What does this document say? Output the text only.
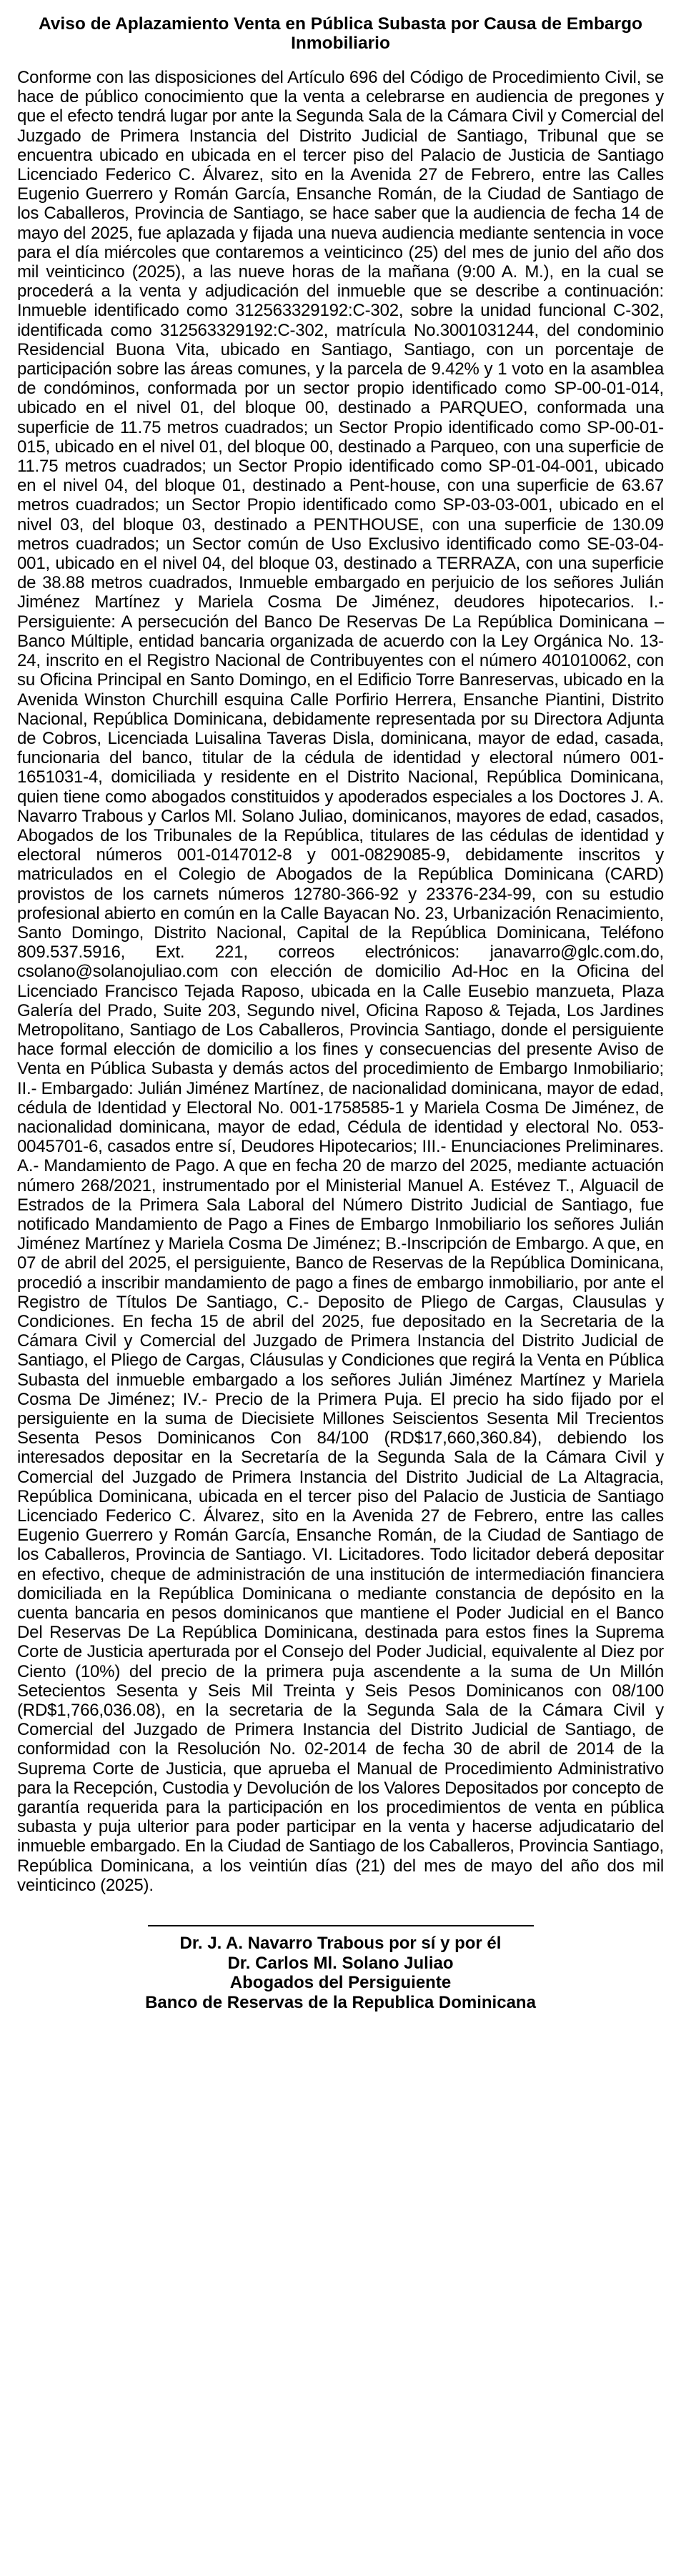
Aviso de Aplazamiento Venta en Pública Subasta por Causa de Embargo Inmobiliario

Conforme con las disposiciones del Artículo 696 del Código de Procedimiento Civil, se hace de público conocimiento que la venta a celebrarse en audiencia de pregones y que el efecto tendrá lugar por ante la Segunda Sala de la Cámara Civil y Comercial del Juzgado de Primera Instancia del Distrito Judicial de Santiago, Tribunal que se encuentra ubicado en ubicada en el tercer piso del Palacio de Justicia de Santiago Licenciado Federico C. Álvarez, sito en la Avenida 27 de Febrero, entre las Calles Eugenio Guerrero y Román García, Ensanche Román, de la Ciudad de Santiago de los Caballeros, Provincia de Santiago, se hace saber que la audiencia de fecha 14 de mayo del 2025, fue aplazada y fijada una nueva audiencia mediante sentencia in voce para el día miércoles que contaremos a veinticinco (25) del mes de junio del año dos mil veinticinco (2025), a las nueve horas de la mañana (9:00 A. M.), en la cual se procederá a la venta y adjudicación del inmueble que se describe a continuación: Inmueble identificado como 312563329192:C-302, sobre la unidad funcional C-302, identificada como 312563329192:C-302, matrícula No.3001031244, del condominio Residencial Buona Vita, ubicado en Santiago, Santiago, con un porcentaje de participación sobre las áreas comunes, y la parcela de 9.42% y 1 voto en la asamblea de condóminos, conformada por un sector propio identificado como SP-00-01-014, ubicado en el nivel 01, del bloque 00, destinado a PARQUEO, conformada una superficie de 11.75 metros cuadrados; un Sector Propio identificado como SP-00-01-015, ubicado en el nivel 01, del bloque 00, destinado a Parqueo, con una superficie de 11.75 metros cuadrados; un Sector Propio identificado como SP-01-04-001, ubicado en el nivel 04, del bloque 01, destinado a Pent-house, con una superficie de 63.67 metros cuadrados; un Sector Propio identificado como SP-03-03-001, ubicado en el nivel 03, del bloque 03, destinado a PENTHOUSE, con una superficie de 130.09 metros cuadrados; un Sector común de Uso Exclusivo identificado como SE-03-04-001, ubicado en el nivel 04, del bloque 03, destinado a TERRAZA, con una superficie de 38.88 metros cuadrados, Inmueble embargado en perjuicio de los señores Julián Jiménez Martínez y Mariela Cosma De Jiménez, deudores hipotecarios. I.- Persiguiente: A persecución del Banco De Reservas De La República Dominicana – Banco Múltiple, entidad bancaria organizada de acuerdo con la Ley Orgánica No. 13-24, inscrito en el Registro Nacional de Contribuyentes con el número 401010062, con su Oficina Principal en Santo Domingo, en el Edificio Torre Banreservas, ubicado en la Avenida Winston Churchill esquina Calle Porfirio Herrera, Ensanche Piantini, Distrito Nacional, República Dominicana, debidamente representada por su Directora Adjunta de Cobros, Licenciada Luisalina Taveras Disla, dominicana, mayor de edad, casada, funcionaria del banco, titular de la cédula de identidad y electoral número 001-1651031-4, domiciliada y residente en el Distrito Nacional, República Dominicana, quien tiene como abogados constituidos y apoderados especiales a los Doctores J. A. Navarro Trabous y Carlos Ml. Solano Juliao, dominicanos, mayores de edad, casados, Abogados de los Tribunales de la República, titulares de las cédulas de identidad y electoral números 001-0147012-8 y 001-0829085-9, debidamente inscritos y matriculados en el Colegio de Abogados de la República Dominicana (CARD) provistos de los carnets números 12780-366-92 y 23376-234-99, con su estudio profesional abierto en común en la Calle Bayacan No. 23, Urbanización Renacimiento, Santo Domingo, Distrito Nacional, Capital de la República Dominicana, Teléfono 809.537.5916, Ext. 221, correos electrónicos: janavarro@glc.com.do, csolano@solanojuliao.com con elección de domicilio Ad-Hoc en la Oficina del Licenciado Francisco Tejada Raposo, ubicada en la Calle Eusebio manzueta, Plaza Galería del Prado, Suite 203, Segundo nivel, Oficina Raposo & Tejada, Los Jardines Metropolitano, Santiago de Los Caballeros, Provincia Santiago, donde el persiguiente hace formal elección de domicilio a los fines y consecuencias del presente Aviso de Venta en Pública Subasta y demás actos del procedimiento de Embargo Inmobiliario; II.- Embargado: Julián Jiménez Martínez, de nacionalidad dominicana, mayor de edad, cédula de Identidad y Electoral No. 001-1758585-1 y Mariela Cosma De Jiménez, de nacionalidad dominicana, mayor de edad, Cédula de identidad y electoral No. 053-0045701-6, casados entre sí, Deudores Hipotecarios; III.- Enunciaciones Preliminares. A.- Mandamiento de Pago. A que en fecha 20 de marzo del 2025, mediante actuación número 268/2021, instrumentado por el Ministerial Manuel A. Estévez T., Alguacil de Estrados de la Primera Sala Laboral del Número Distrito Judicial de Santiago, fue notificado Mandamiento de Pago a Fines de Embargo Inmobiliario los señores Julián Jiménez Martínez y Mariela Cosma De Jiménez; B.-Inscripción de Embargo. A que, en 07 de abril del 2025, el persiguiente, Banco de Reservas de la República Dominicana, procedió a inscribir mandamiento de pago a fines de embargo inmobiliario, por ante el Registro de Títulos De Santiago, C.- Deposito de Pliego de Cargas, Clausulas y Condiciones. En fecha 15 de abril del 2025, fue depositado en la Secretaria de la Cámara Civil y Comercial del Juzgado de Primera Instancia del Distrito Judicial de Santiago, el Pliego de Cargas, Cláusulas y Condiciones que regirá la Venta en Pública Subasta del inmueble embargado a los señores Julián Jiménez Martínez y Mariela Cosma De Jiménez; IV.- Precio de la Primera Puja. El precio ha sido fijado por el persiguiente en la suma de Diecisiete Millones Seiscientos Sesenta Mil Trecientos Sesenta Pesos Dominicanos Con 84/100 (RD$17,660,360.84), debiendo los interesados depositar en la Secretaría de la Segunda Sala de la Cámara Civil y Comercial del Juzgado de Primera Instancia del Distrito Judicial de La Altagracia, República Dominicana, ubicada en el tercer piso del Palacio de Justicia de Santiago Licenciado Federico C. Álvarez, sito en la Avenida 27 de Febrero, entre las calles Eugenio Guerrero y Román García, Ensanche Román, de la Ciudad de Santiago de los Caballeros, Provincia de Santiago. VI. Licitadores. Todo licitador deberá depositar en efectivo, cheque de administración de una institución de intermediación financiera domiciliada en la República Dominicana o mediante constancia de depósito en la cuenta bancaria en pesos dominicanos que mantiene el Poder Judicial en el Banco Del Reservas De La República Dominicana, destinada para estos fines la Suprema Corte de Justicia aperturada por el Consejo del Poder Judicial, equivalente al Diez por Ciento (10%) del precio de la primera puja ascendente a la suma de Un Millón Setecientos Sesenta y Seis Mil Treinta y Seis Pesos Dominicanos con 08/100 (RD$1,766,036.08), en la secretaria de la Segunda Sala de la Cámara Civil y Comercial del Juzgado de Primera Instancia del Distrito Judicial de Santiago, de conformidad con la Resolución No. 02-2014 de fecha 30 de abril de 2014 de la Suprema Corte de Justicia, que aprueba el Manual de Procedimiento Administrativo para la Recepción, Custodia y Devolución de los Valores Depositados por concepto de garantía requerida para la participación en los procedimientos de venta en pública subasta y puja ulterior para poder participar en la venta y hacerse adjudicatario del inmueble embargado. En la Ciudad de Santiago de los Caballeros, Provincia Santiago, República Dominicana, a los veintiún días (21) del mes de mayo del año dos mil veinticinco (2025).

Dr. J. A. Navarro Trabous por sí y por él
Dr. Carlos Ml. Solano Juliao
Abogados del Persiguiente
Banco de Reservas de la Republica Dominicana
